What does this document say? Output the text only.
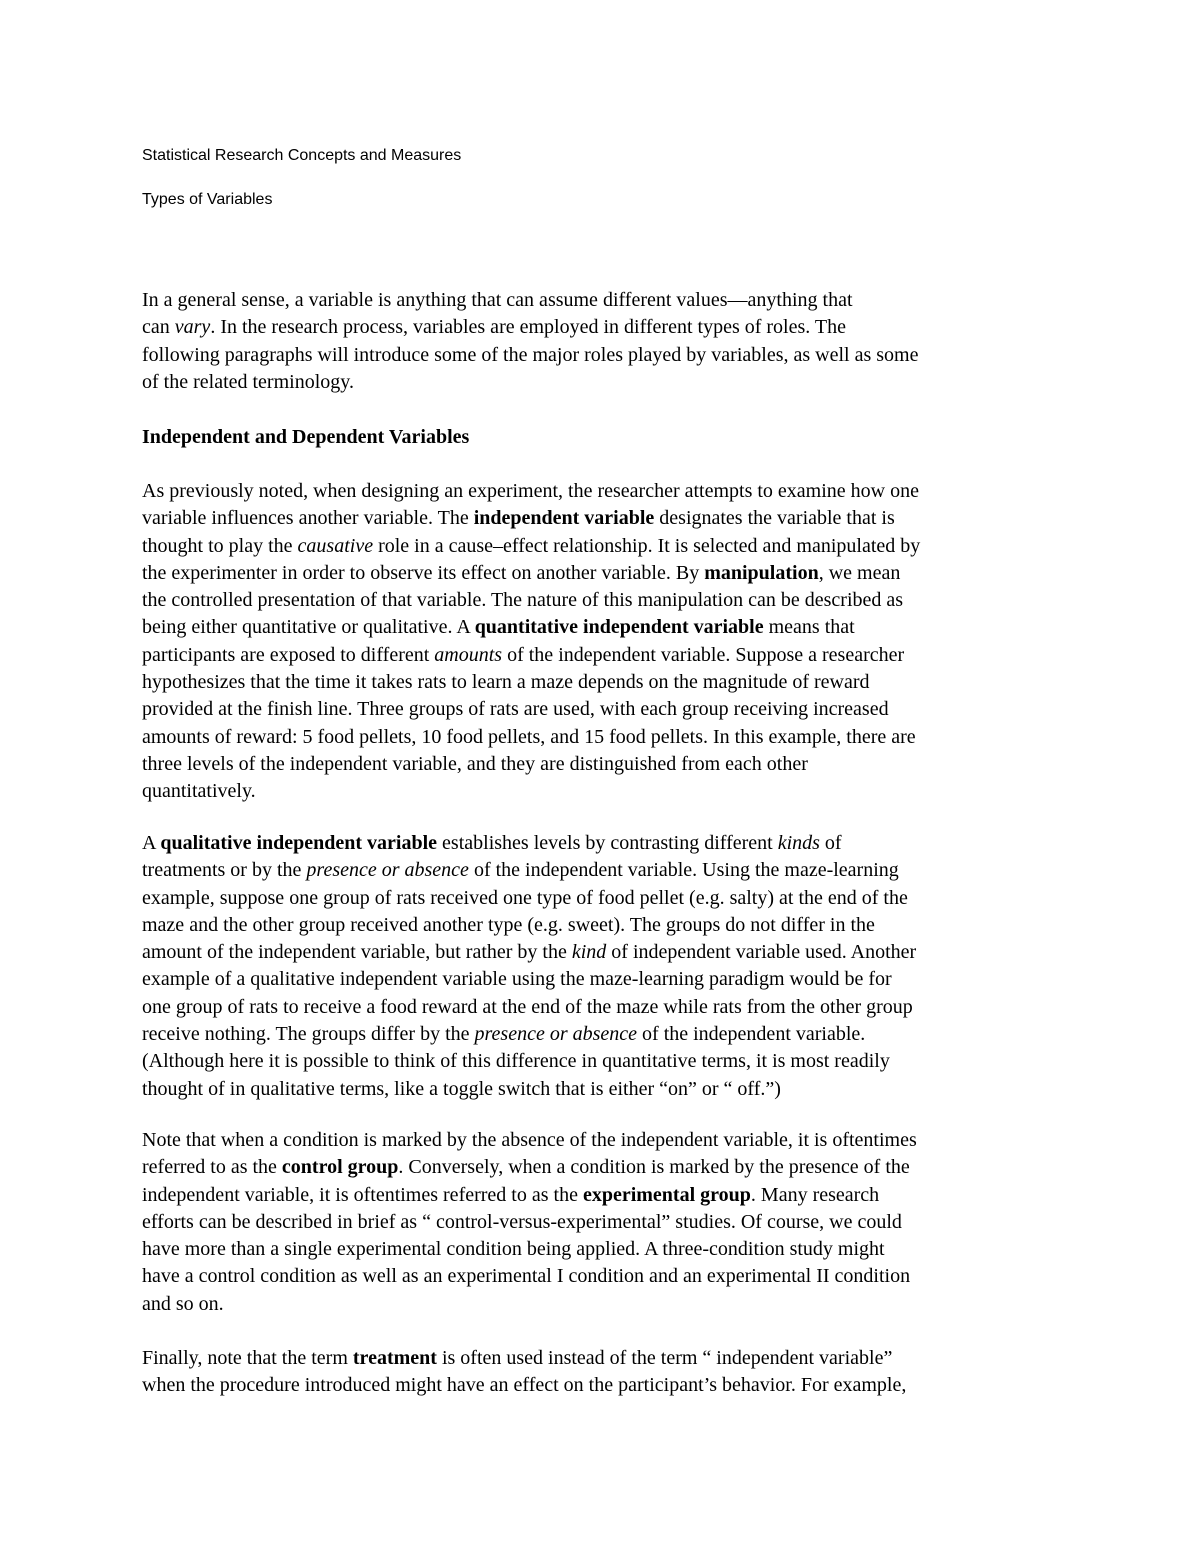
Statistical Research Concepts and Measures

Types of Variables

In a general sense, a variable is anything that can assume different values—anything that
can vary. In the research process, variables are employed in different types of roles. The
following paragraphs will introduce some of the major roles played by variables, as well as some
of the related terminology.

Independent and Dependent Variables

As previously noted, when designing an experiment, the researcher attempts to examine how one
variable influences another variable. The independent variable designates the variable that is
thought to play the causative role in a cause–effect relationship. It is selected and manipulated by
the experimenter in order to observe its effect on another variable. By manipulation, we mean
the controlled presentation of that variable. The nature of this manipulation can be described as
being either quantitative or qualitative. A quantitative independent variable means that
participants are exposed to different amounts of the independent variable. Suppose a researcher
hypothesizes that the time it takes rats to learn a maze depends on the magnitude of reward
provided at the finish line. Three groups of rats are used, with each group receiving increased
amounts of reward: 5 food pellets, 10 food pellets, and 15 food pellets. In this example, there are
three levels of the independent variable, and they are distinguished from each other
quantitatively.

A qualitative independent variable establishes levels by contrasting different kinds of
treatments or by the presence or absence of the independent variable. Using the maze-learning
example, suppose one group of rats received one type of food pellet (e.g. salty) at the end of the
maze and the other group received another type (e.g. sweet). The groups do not differ in the
amount of the independent variable, but rather by the kind of independent variable used. Another
example of a qualitative independent variable using the maze-learning paradigm would be for
one group of rats to receive a food reward at the end of the maze while rats from the other group
receive nothing. The groups differ by the presence or absence of the independent variable.
(Although here it is possible to think of this difference in quantitative terms, it is most readily
thought of in qualitative terms, like a toggle switch that is either “on” or “ off.”)

Note that when a condition is marked by the absence of the independent variable, it is oftentimes
referred to as the control group. Conversely, when a condition is marked by the presence of the
independent variable, it is oftentimes referred to as the experimental group. Many research
efforts can be described in brief as “ control-versus-experimental” studies. Of course, we could
have more than a single experimental condition being applied. A three-condition study might
have a control condition as well as an experimental I condition and an experimental II condition
and so on.

Finally, note that the term treatment is often used instead of the term “ independent variable”
when the procedure introduced might have an effect on the participant’s behavior. For example,
